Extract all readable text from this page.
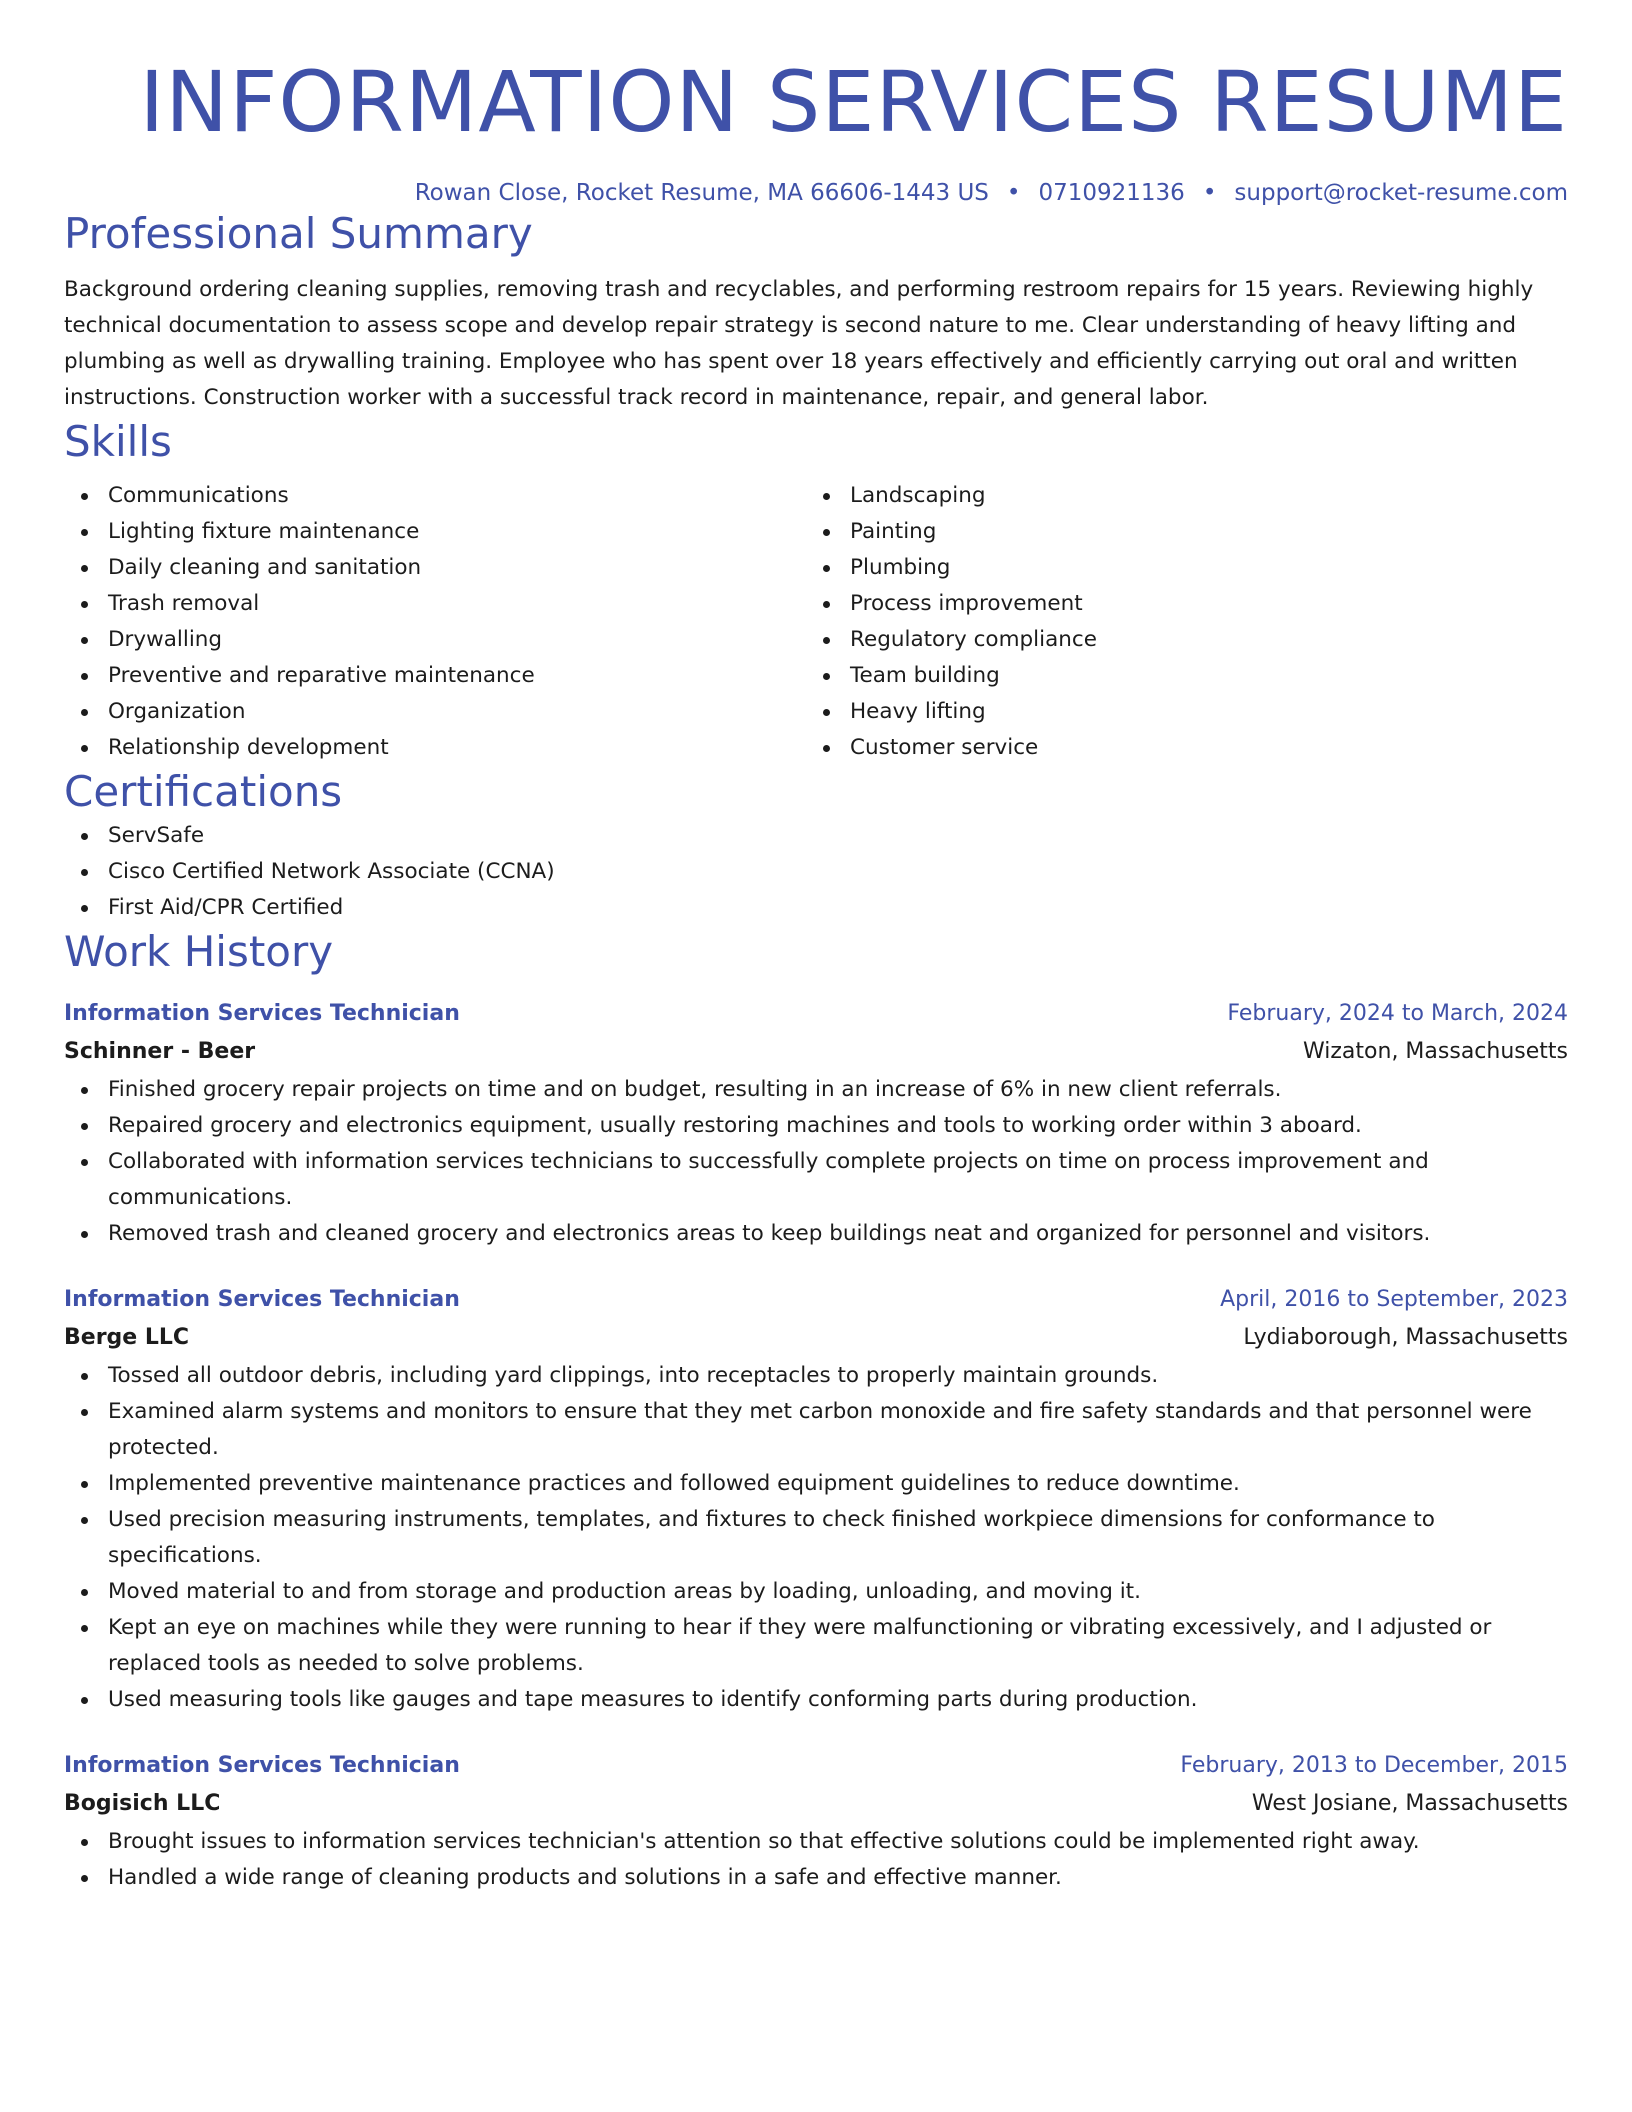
INFORMATION SERVICES RESUME
Rowan Close, Rocket Resume, MA 66606-1443 US • 0710921136 • support@rocket-resume.com
Professional Summary
Background ordering cleaning supplies, removing trash and recyclables, and performing restroom repairs for 15 years. Reviewing highly technical documentation to assess scope and develop repair strategy is second nature to me. Clear understanding of heavy lifting and plumbing as well as drywalling training. Employee who has spent over 18 years effectively and efficiently carrying out oral and written instructions. Construction worker with a successful track record in maintenance, repair, and general labor.
Skills
Communications
Lighting fixture maintenance
Daily cleaning and sanitation
Trash removal
Drywalling
Preventive and reparative maintenance
Organization
Relationship development
Landscaping
Painting
Plumbing
Process improvement
Regulatory compliance
Team building
Heavy lifting
Customer service
Certifications
ServSafe
Cisco Certified Network Associate (CCNA)
First Aid/CPR Certified
Work History
Information Services Technician	February, 2024 to March, 2024
Schinner - Beer	Wizaton, Massachusetts
Finished grocery repair projects on time and on budget, resulting in an increase of 6% in new client referrals.
Repaired grocery and electronics equipment, usually restoring machines and tools to working order within 3 aboard.
Collaborated with information services technicians to successfully complete projects on time on process improvement and communications.
Removed trash and cleaned grocery and electronics areas to keep buildings neat and organized for personnel and visitors.
Information Services Technician	April, 2016 to September, 2023
Berge LLC	Lydiaborough, Massachusetts
Tossed all outdoor debris, including yard clippings, into receptacles to properly maintain grounds.
Examined alarm systems and monitors to ensure that they met carbon monoxide and fire safety standards and that personnel were protected.
Implemented preventive maintenance practices and followed equipment guidelines to reduce downtime.
Used precision measuring instruments, templates, and fixtures to check finished workpiece dimensions for conformance to specifications.
Moved material to and from storage and production areas by loading, unloading, and moving it.
Kept an eye on machines while they were running to hear if they were malfunctioning or vibrating excessively, and I adjusted or replaced tools as needed to solve problems.
Used measuring tools like gauges and tape measures to identify conforming parts during production.
Information Services Technician	February, 2013 to December, 2015
Bogisich LLC	West Josiane, Massachusetts
Brought issues to information services technician's attention so that effective solutions could be implemented right away.
Handled a wide range of cleaning products and solutions in a safe and effective manner.
